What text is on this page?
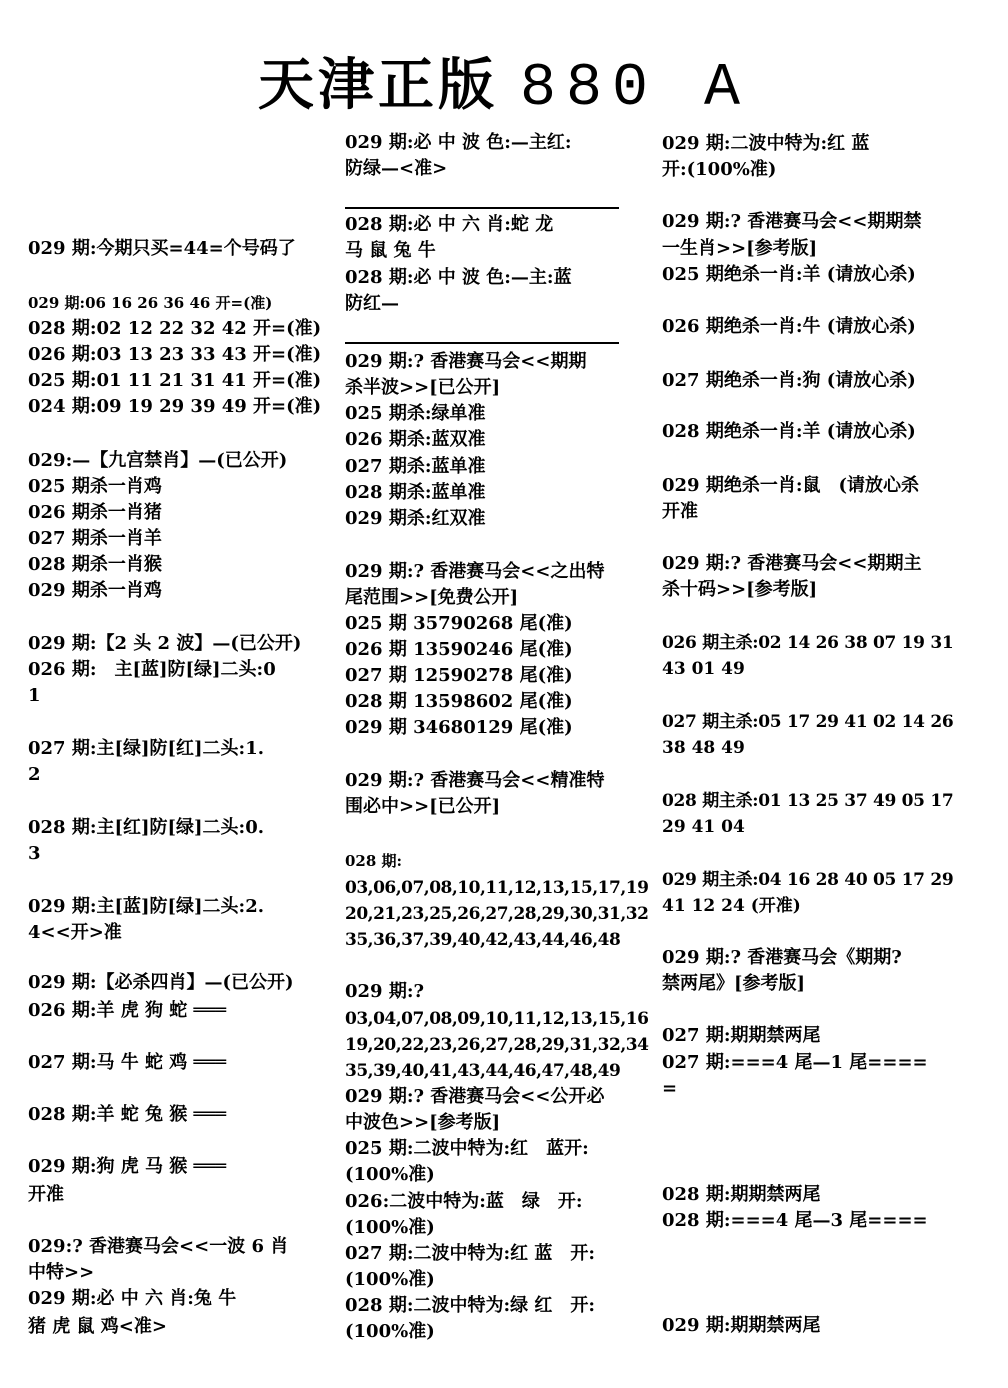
天津正版 880 A
029 期:今期只买=44=个号码了
029 期:06 16 26 36 46 开=(准)
028 期:02 12 22 32 42 开=(准)
026 期:03 13 23 33 43 开=(准)
025 期:01 11 21 31 41 开=(准)
024 期:09 19 29 39 49 开=(准)
029:—【九宫禁肖】—(已公开)
025 期杀一肖鸡
026 期杀一肖猪
027 期杀一肖羊
028 期杀一肖猴
029 期杀一肖鸡
029 期:【2 头 2 波】—(已公开)
026 期:　主[蓝]防[绿]二头:0
1
027 期:主[绿]防[红]二头:1.
2
028 期:主[红]防[绿]二头:0.
3
029 期:主[蓝]防[绿]二头:2.
4<<开>准
029 期:【必杀四肖】—(已公开)
026 期:羊 虎 狗 蛇 ═══
027 期:马 牛 蛇 鸡 ═══
028 期:羊 蛇 兔 猴 ═══
029 期:狗 虎 马 猴 ═══
开准
029:? 香港赛马会<<一波 6 肖
中特>>
029 期:必 中 六 肖:兔 牛
猪 虎 鼠 鸡<准>
029 期:必 中 波 色:—主红:
防绿—<准>
028 期:必 中 六 肖:蛇 龙
马 鼠 兔 牛
028 期:必 中 波 色:—主:蓝
防红—
029 期:? 香港赛马会<<期期
杀半波>>[已公开]
025 期杀:绿单准
026 期杀:蓝双准
027 期杀:蓝单准
028 期杀:蓝单准
029 期杀:红双准
029 期:? 香港赛马会<<之出特
尾范围>>[免费公开]
025 期 35790268 尾(准)
026 期 13590246 尾(准)
027 期 12590278 尾(准)
028 期 13598602 尾(准)
029 期 34680129 尾(准)
029 期:? 香港赛马会<<精准特
围必中>>[已公开]
028 期:
03,06,07,08,10,11,12,13,15,17,19
20,21,23,25,26,27,28,29,30,31,32
35,36,37,39,40,42,43,44,46,48
029 期:?
03,04,07,08,09,10,11,12,13,15,16
19,20,22,23,26,27,28,29,31,32,34
35,39,40,41,43,44,46,47,48,49
029 期:? 香港赛马会<<公开必
中波色>>[参考版]
025 期:二波中特为:红　蓝开:
(100%准)
026:二波中特为:蓝　绿　开:
(100%准)
027 期:二波中特为:红 蓝　开:
(100%准)
028 期:二波中特为:绿 红　开:
(100%准)
029 期:二波中特为:红 蓝
开:(100%准)
029 期:? 香港赛马会<<期期禁
一生肖>>[参考版]
025 期绝杀一肖:羊 (请放心杀)
026 期绝杀一肖:牛 (请放心杀)
027 期绝杀一肖:狗 (请放心杀)
028 期绝杀一肖:羊 (请放心杀)
029 期绝杀一肖:鼠　(请放心杀
开准
029 期:? 香港赛马会<<期期主
杀十码>>[参考版]
026 期主杀:02 14 26 38 07 19 31
43 01 49
027 期主杀:05 17 29 41 02 14 26
38 48 49
028 期主杀:01 13 25 37 49 05 17
29 41 04
029 期主杀:04 16 28 40 05 17 29
41 12 24 (开准)
029 期:? 香港赛马会《期期?
禁两尾》[参考版]
027 期:期期禁两尾
027 期:===4 尾—1 尾====
=
028 期:期期禁两尾
028 期:===4 尾—3 尾====
029 期:期期禁两尾
